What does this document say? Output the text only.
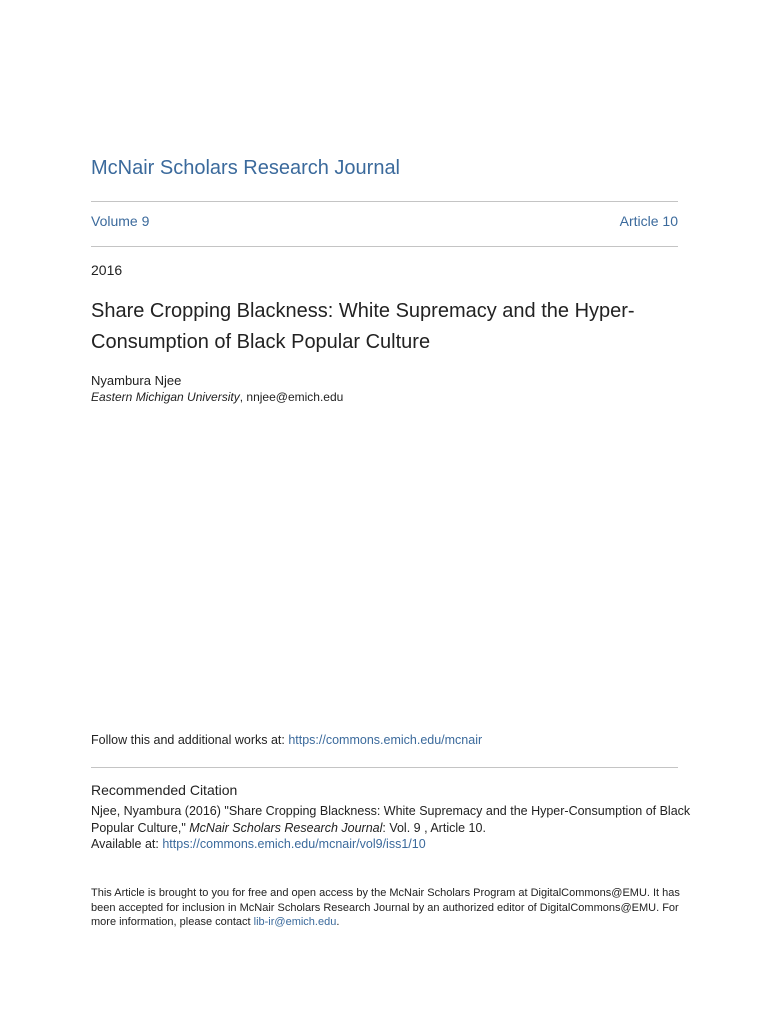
McNair Scholars Research Journal
Volume 9	Article 10
2016
Share Cropping Blackness: White Supremacy and the Hyper-Consumption of Black Popular Culture
Nyambura Njee
Eastern Michigan University, nnjee@emich.edu
Follow this and additional works at: https://commons.emich.edu/mcnair
Recommended Citation
Njee, Nyambura (2016) "Share Cropping Blackness: White Supremacy and the Hyper-Consumption of Black Popular Culture," McNair Scholars Research Journal: Vol. 9 , Article 10.
Available at: https://commons.emich.edu/mcnair/vol9/iss1/10
This Article is brought to you for free and open access by the McNair Scholars Program at DigitalCommons@EMU. It has been accepted for inclusion in McNair Scholars Research Journal by an authorized editor of DigitalCommons@EMU. For more information, please contact lib-ir@emich.edu.
